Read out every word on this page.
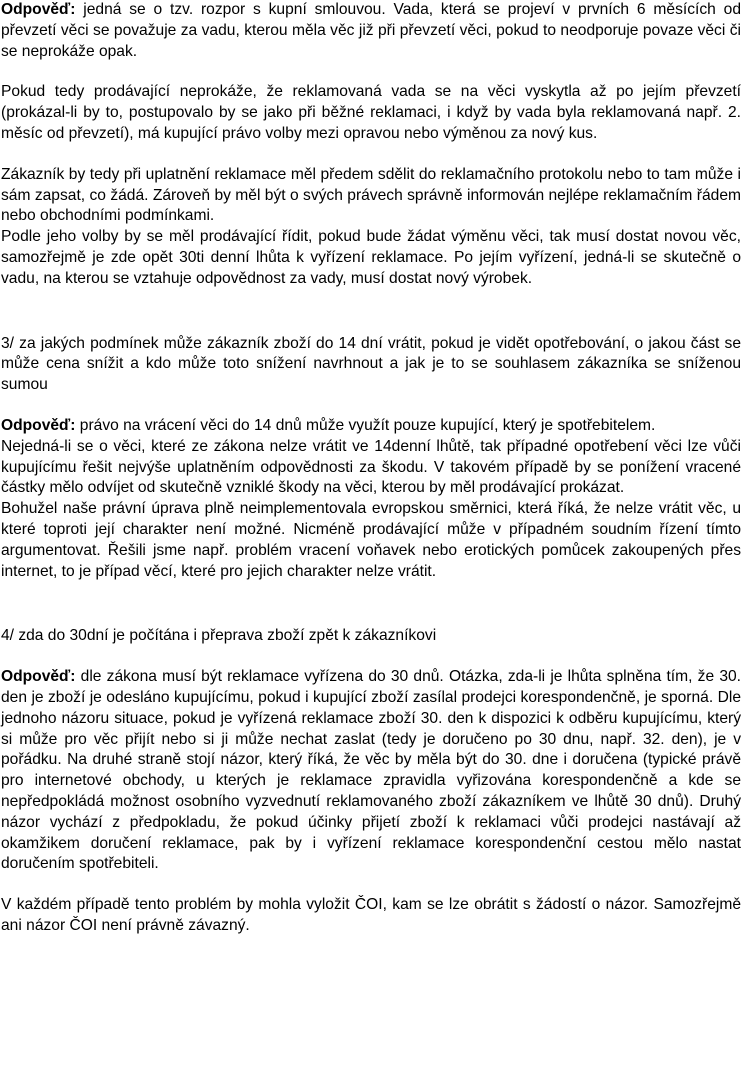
Odpověď: jedná se o tzv. rozpor s kupní smlouvou. Vada, která se projeví v prvních 6 měsících od převzetí věci se považuje za vadu, kterou měla věc již při převzetí věci, pokud to neodporuje povaze věci či se neprokáže opak.

Pokud tedy prodávající neprokáže, že reklamovaná vada se na věci vyskytla až po jejím převzetí (prokázal-li by to, postupovalo by se jako při běžné reklamaci, i když by vada byla reklamovaná např. 2. měsíc od převzetí), má kupující právo volby mezi opravou nebo výměnou za nový kus.

Zákazník by tedy při uplatnění reklamace měl předem sdělit do reklamačního protokolu nebo to tam může i sám zapsat, co žádá. Zároveň by měl být o svých právech správně informován nejlépe reklamačním řádem nebo obchodními podmínkami.

Podle jeho volby by se měl prodávající řídit, pokud bude žádat výměnu věci, tak musí dostat novou věc, samozřejmě je zde opět 30ti denní lhůta k vyřízení reklamace. Po jejím vyřízení, jedná-li se skutečně o vadu, na kterou se vztahuje odpovědnost za vady, musí dostat nový výrobek.

3/ za jakých podmínek může zákazník zboží do 14 dní vrátit, pokud je vidět opotřebování, o jakou část se může cena snížit a kdo může toto snížení navrhnout a jak je to se souhlasem zákazníka se sníženou sumou

Odpověď: právo na vrácení věci do 14 dnů může využít pouze kupující, který je spotřebitelem.

Nejedná-li se o věci, které ze zákona nelze vrátit ve 14denní lhůtě, tak případné opotřebení věci lze vůči kupujícímu řešit nejvýše uplatněním odpovědnosti za škodu. V takovém případě by se ponížení vracené částky mělo odvíjet od skutečně vzniklé škody na věci, kterou by měl prodávající prokázat.

Bohužel naše právní úprava plně neimplementovala evropskou směrnici, která říká, že nelze vrátit věc, u které toproti její charakter není možné. Nicméně prodávající může v případném soudním řízení tímto argumentovat. Řešili jsme např. problém vracení voňavek nebo erotických pomůcek zakoupených přes internet, to je případ věcí, které pro jejich charakter nelze vrátit.

4/ zda do 30dní je počítána i přeprava zboží zpět k zákazníkovi

Odpověď: dle zákona musí být reklamace vyřízena do 30 dnů. Otázka, zda-li je lhůta splněna tím, že 30. den je zboží je odesláno kupujícímu, pokud i kupující zboží zasílal prodejci korespondenčně, je sporná. Dle jednoho názoru situace, pokud je vyřízená reklamace zboží 30. den k dispozici k odběru kupujícímu, který si může pro věc přijít nebo si ji může nechat zaslat (tedy je doručeno po 30 dnu, např. 32. den), je v pořádku. Na druhé straně stojí názor, který říká, že věc by měla být do 30. dne i doručena (typické právě pro internetové obchody, u kterých je reklamace zpravidla vyřizována korespondenčně a kde se nepředpokládá možnost osobního vyzvednutí reklamovaného zboží zákazníkem ve lhůtě 30 dnů). Druhý názor vychází z předpokladu, že pokud účinky přijetí zboží k reklamaci vůči prodejci nastávají až okamžikem doručení reklamace, pak by i vyřízení reklamace korespondenční cestou mělo nastat doručením spotřebiteli.

V každém případě tento problém by mohla vyložit ČOI, kam se lze obrátit s žádostí o názor. Samozřejmě ani názor ČOI není právně závazný.
